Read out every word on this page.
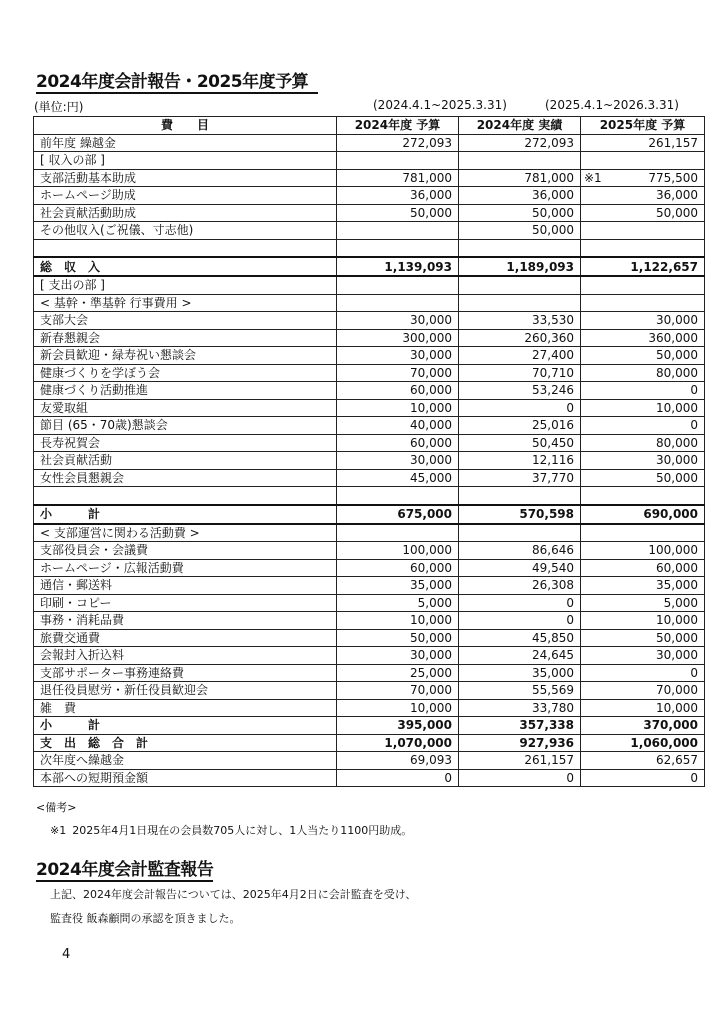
2024年度会計報告・2025年度予算
(単位:円)	(2024.4.1~2025.3.31)	(2025.4.1~2026.3.31)
費　　目	2024年度 予算	2024年度 実績	2025年度 予算
前年度 繰越金	272,093	272,093	261,157
[ 収入の部 ]			
支部活動基本助成	781,000	781,000	※1 775,500
ホームページ助成	36,000	36,000	36,000
社会貢献活動助成	50,000	50,000	50,000
その他収入(ご祝儀、寸志他)		50,000	

総　収　入	1,139,093	1,189,093	1,122,657
[ 支出の部 ]			
< 基幹・準基幹 行事費用 >			
支部大会	30,000	33,530	30,000
新春懇親会	300,000	260,360	360,000
新会員歓迎・緑寿祝い懇談会	30,000	27,400	50,000
健康づくりを学ぼう会	70,000	70,710	80,000
健康づくり活動推進	60,000	53,246	0
友愛取組	10,000	0	10,000
節目 (65・70歳)懇談会	40,000	25,016	0
長寿祝賀会	60,000	50,450	80,000
社会貢献活動	30,000	12,116	30,000
女性会員懇親会	45,000	37,770	50,000

小　　　計	675,000	570,598	690,000
< 支部運営に関わる活動費 >			
支部役員会・会議費	100,000	86,646	100,000
ホームページ・広報活動費	60,000	49,540	60,000
通信・郵送料	35,000	26,308	35,000
印刷・コピー	5,000	0	5,000
事務・消耗品費	10,000	0	10,000
旅費交通費	50,000	45,850	50,000
会報封入折込料	30,000	24,645	30,000
支部サポーター事務連絡費	25,000	35,000	0
退任役員慰労・新任役員歓迎会	70,000	55,569	70,000
雑　費	10,000	33,780	10,000
小　　　計	395,000	357,338	370,000
支　出　総　合　計	1,070,000	927,936	1,060,000
次年度へ繰越金	69,093	261,157	62,657
本部への短期預金額	0	0	0
<備考>
※1 2025年4月1日現在の会員数705人に対し、1人当たり1100円助成。
2024年度会計監査報告
上記、2024年度会計報告については、2025年4月2日に会計監査を受け、
監査役 飯森顧問の承認を頂きました。
4
